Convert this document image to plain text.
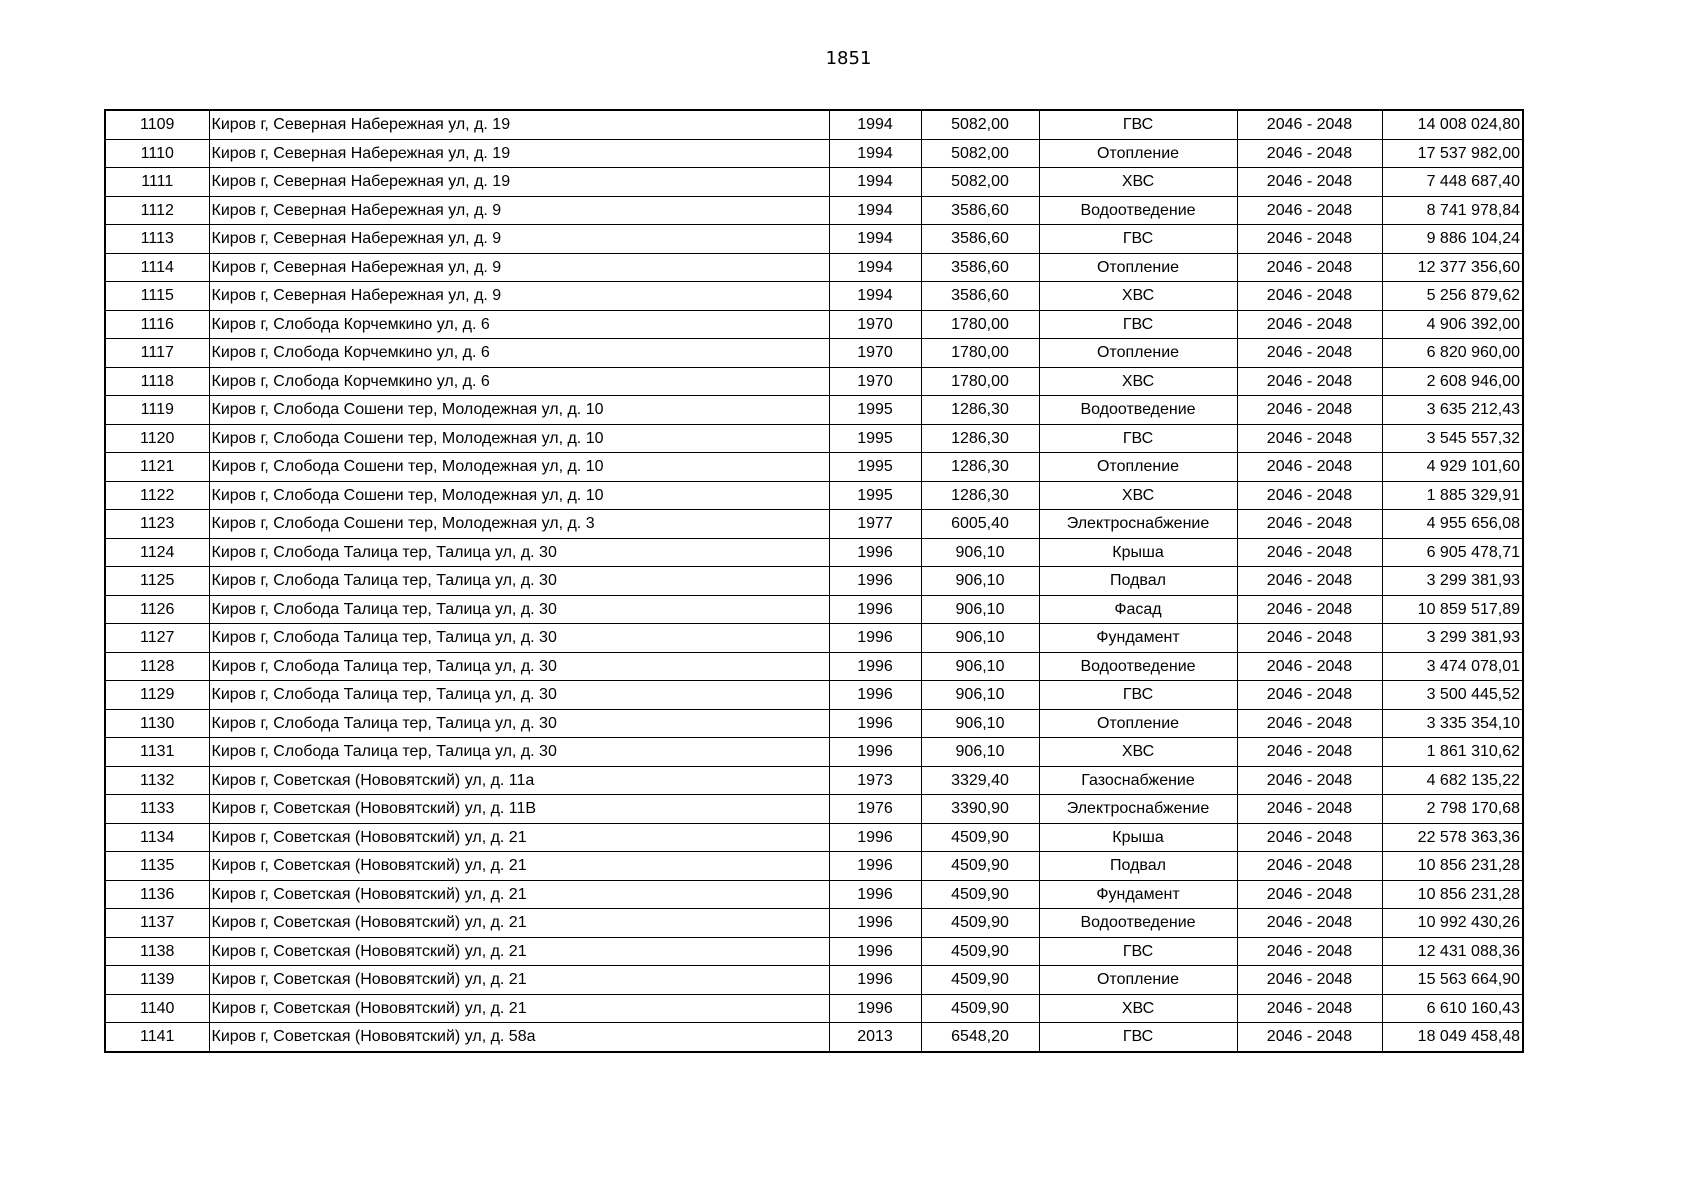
1851
1109	Киров г, Северная Набережная ул, д. 19	1994	5082,00	ГВС	2046 - 2048	14 008 024,80
1110	Киров г, Северная Набережная ул, д. 19	1994	5082,00	Отопление	2046 - 2048	17 537 982,00
1111	Киров г, Северная Набережная ул, д. 19	1994	5082,00	ХВС	2046 - 2048	7 448 687,40
1112	Киров г, Северная Набережная ул, д. 9	1994	3586,60	Водоотведение	2046 - 2048	8 741 978,84
1113	Киров г, Северная Набережная ул, д. 9	1994	3586,60	ГВС	2046 - 2048	9 886 104,24
1114	Киров г, Северная Набережная ул, д. 9	1994	3586,60	Отопление	2046 - 2048	12 377 356,60
1115	Киров г, Северная Набережная ул, д. 9	1994	3586,60	ХВС	2046 - 2048	5 256 879,62
1116	Киров г, Слобода Корчемкино ул, д. 6	1970	1780,00	ГВС	2046 - 2048	4 906 392,00
1117	Киров г, Слобода Корчемкино ул, д. 6	1970	1780,00	Отопление	2046 - 2048	6 820 960,00
1118	Киров г, Слобода Корчемкино ул, д. 6	1970	1780,00	ХВС	2046 - 2048	2 608 946,00
1119	Киров г, Слобода Сошени тер, Молодежная ул, д. 10	1995	1286,30	Водоотведение	2046 - 2048	3 635 212,43
1120	Киров г, Слобода Сошени тер, Молодежная ул, д. 10	1995	1286,30	ГВС	2046 - 2048	3 545 557,32
1121	Киров г, Слобода Сошени тер, Молодежная ул, д. 10	1995	1286,30	Отопление	2046 - 2048	4 929 101,60
1122	Киров г, Слобода Сошени тер, Молодежная ул, д. 10	1995	1286,30	ХВС	2046 - 2048	1 885 329,91
1123	Киров г, Слобода Сошени тер, Молодежная ул, д. 3	1977	6005,40	Электроснабжение	2046 - 2048	4 955 656,08
1124	Киров г, Слобода Талица тер, Талица ул, д. 30	1996	906,10	Крыша	2046 - 2048	6 905 478,71
1125	Киров г, Слобода Талица тер, Талица ул, д. 30	1996	906,10	Подвал	2046 - 2048	3 299 381,93
1126	Киров г, Слобода Талица тер, Талица ул, д. 30	1996	906,10	Фасад	2046 - 2048	10 859 517,89
1127	Киров г, Слобода Талица тер, Талица ул, д. 30	1996	906,10	Фундамент	2046 - 2048	3 299 381,93
1128	Киров г, Слобода Талица тер, Талица ул, д. 30	1996	906,10	Водоотведение	2046 - 2048	3 474 078,01
1129	Киров г, Слобода Талица тер, Талица ул, д. 30	1996	906,10	ГВС	2046 - 2048	3 500 445,52
1130	Киров г, Слобода Талица тер, Талица ул, д. 30	1996	906,10	Отопление	2046 - 2048	3 335 354,10
1131	Киров г, Слобода Талица тер, Талица ул, д. 30	1996	906,10	ХВС	2046 - 2048	1 861 310,62
1132	Киров г, Советская (Нововятский) ул, д. 11а	1973	3329,40	Газоснабжение	2046 - 2048	4 682 135,22
1133	Киров г, Советская (Нововятский) ул, д. 11В	1976	3390,90	Электроснабжение	2046 - 2048	2 798 170,68
1134	Киров г, Советская (Нововятский) ул, д. 21	1996	4509,90	Крыша	2046 - 2048	22 578 363,36
1135	Киров г, Советская (Нововятский) ул, д. 21	1996	4509,90	Подвал	2046 - 2048	10 856 231,28
1136	Киров г, Советская (Нововятский) ул, д. 21	1996	4509,90	Фундамент	2046 - 2048	10 856 231,28
1137	Киров г, Советская (Нововятский) ул, д. 21	1996	4509,90	Водоотведение	2046 - 2048	10 992 430,26
1138	Киров г, Советская (Нововятский) ул, д. 21	1996	4509,90	ГВС	2046 - 2048	12 431 088,36
1139	Киров г, Советская (Нововятский) ул, д. 21	1996	4509,90	Отопление	2046 - 2048	15 563 664,90
1140	Киров г, Советская (Нововятский) ул, д. 21	1996	4509,90	ХВС	2046 - 2048	6 610 160,43
1141	Киров г, Советская (Нововятский) ул, д. 58а	2013	6548,20	ГВС	2046 - 2048	18 049 458,48
